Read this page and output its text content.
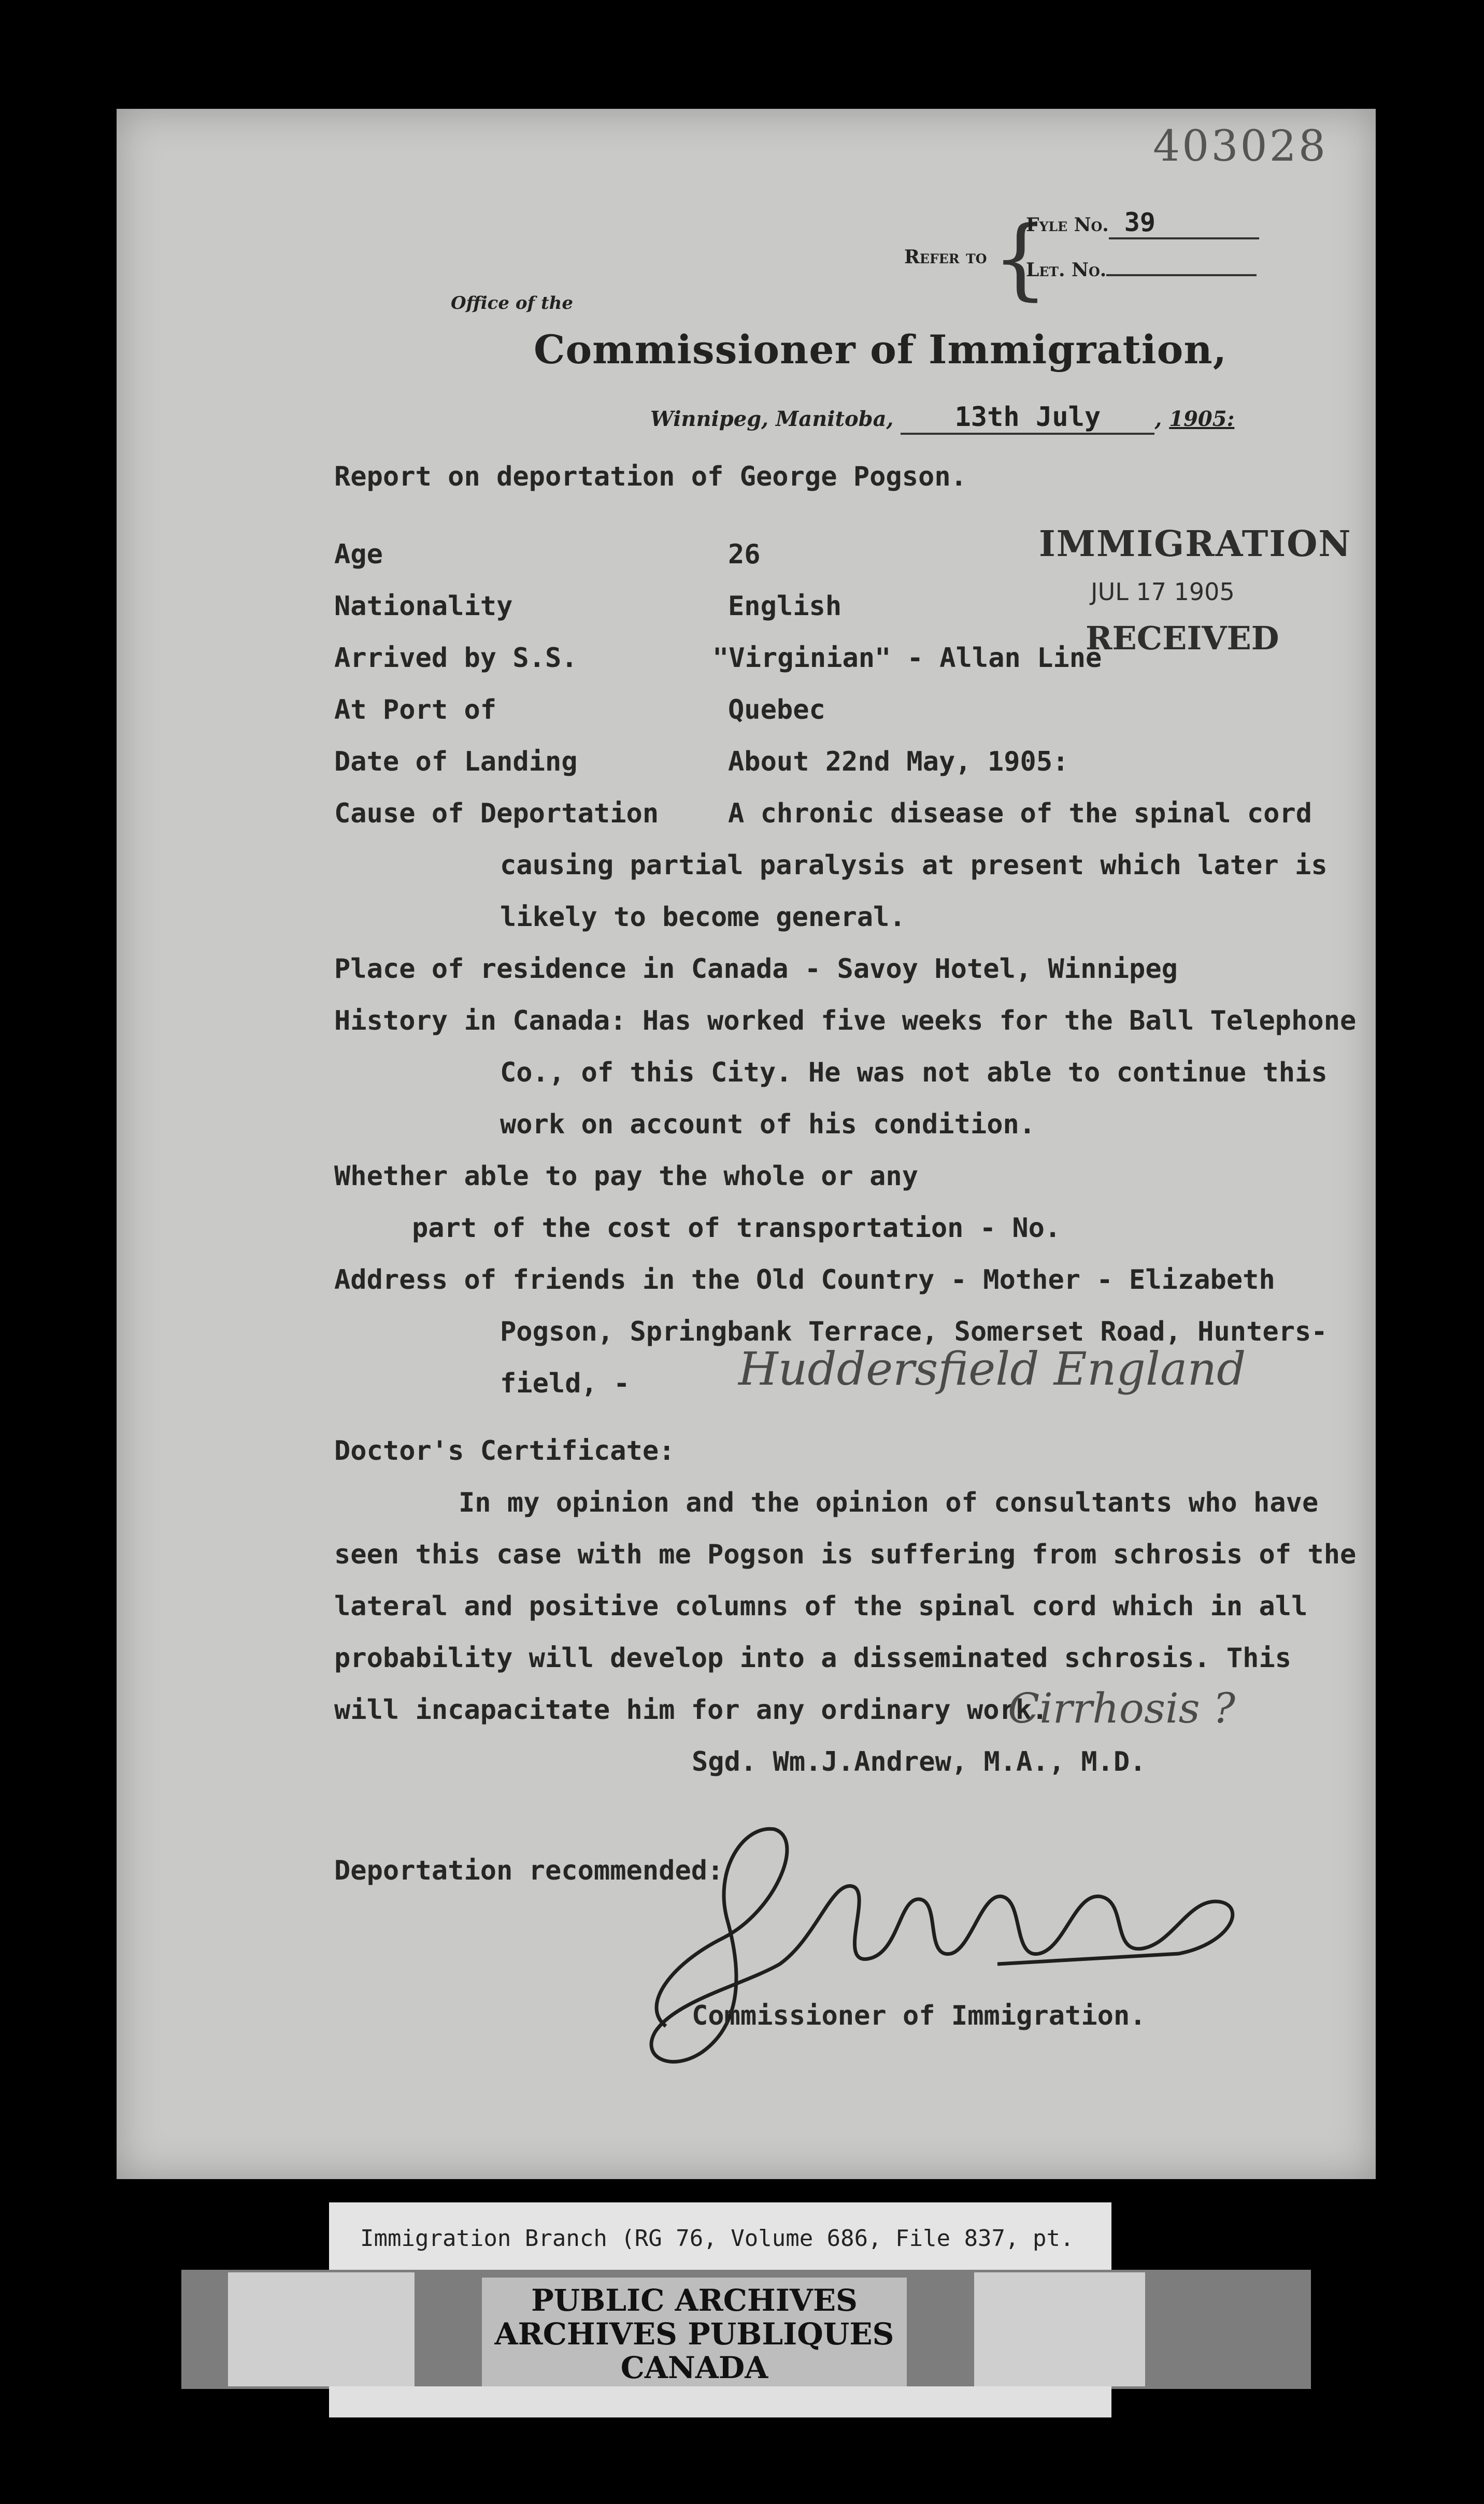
403028
Refer to {
Fyle No. 39
Let. No.
Office of the
Commissioner of Immigration,
Winnipeg, Manitoba, 13th July	, 1905:
Report on deportation of George Pogson.
Age	26
Nationality	English
Arrived by S.S.	"Virginian" - Allan Line
At Port of	Quebec
Date of Landing	About 22nd May, 1905:
Cause of Deportation	A chronic disease of the spinal cord
causing partial paralysis at present which later is
likely to become general.
Place of residence in Canada - Savoy Hotel, Winnipeg
History in Canada: Has worked five weeks for the Ball Telephone
Co., of this City. He was not able to continue this
work on account of his condition.
Whether able to pay the whole or any
part of the cost of transportation - No.
Address of friends in the Old Country - Mother - Elizabeth
Pogson, Springbank Terrace, Somerset Road, Hunters-
field, - Huddersfield England
Doctor's Certificate:
In my opinion and the opinion of consultants who have
seen this case with me Pogson is suffering from schrosis of the
lateral and positive columns of the spinal cord which in all
probability will develop into a disseminated schrosis. This
will incapacitate him for any ordinary work.
Cirrhosis ?
Sgd. Wm.J.Andrew, M.A., M.D.
Deportation recommended:
Commissioner of Immigration.
IMMIGRATION
JUL 17 1905
RECEIVED
Immigration Branch (RG 76, Volume 686, File 837, pt.
PUBLIC ARCHIVES
ARCHIVES PUBLIQUES
CANADA
